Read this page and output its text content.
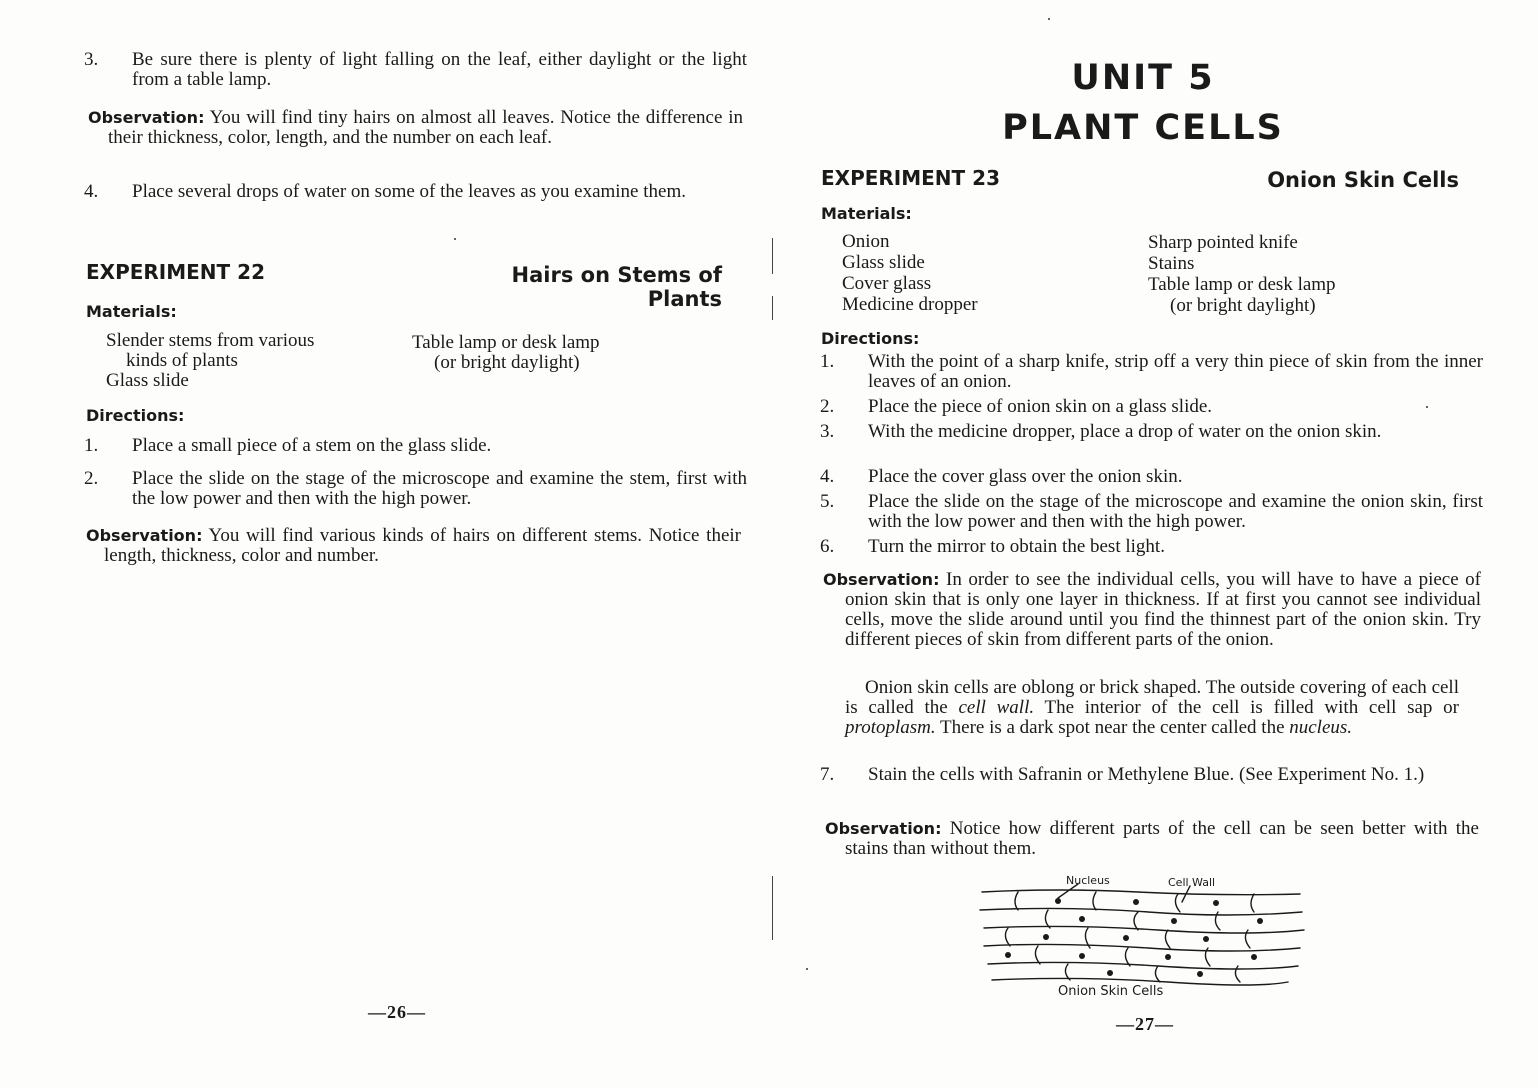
3. Be sure there is plenty of light falling on the leaf, either daylight or the light from a table lamp.
Observation: You will find tiny hairs on almost all leaves. Notice the difference in their thickness, color, length, and the number on each leaf.
4. Place several drops of water on some of the leaves as you examine them.
EXPERIMENT 22	Hairs on Stems of Plants
Materials:
Slender stems from various
kinds of plants
Glass slide
Table lamp or desk lamp
(or bright daylight)
Directions:
1. Place a small piece of a stem on the glass slide.
2. Place the slide on the stage of the microscope and examine the stem, first with the low power and then with the high power.
Observation: You will find various kinds of hairs on different stems. Notice their length, thickness, color and number.
—26—
UNIT 5
PLANT CELLS
EXPERIMENT 23	Onion Skin Cells
Materials:
Onion
Glass slide
Cover glass
Medicine dropper
Sharp pointed knife
Stains
Table lamp or desk lamp
(or bright daylight)
Directions:
1. With the point of a sharp knife, strip off a very thin piece of skin from the inner leaves of an onion.
2. Place the piece of onion skin on a glass slide.
3. With the medicine dropper, place a drop of water on the onion skin.
4. Place the cover glass over the onion skin.
5. Place the slide on the stage of the microscope and examine the onion skin, first with the low power and then with the high power.
6. Turn the mirror to obtain the best light.
Observation: In order to see the individual cells, you will have to have a piece of onion skin that is only one layer in thickness. If at first you cannot see individual cells, move the slide around until you find the thinnest part of the onion skin. Try different pieces of skin from different parts of the onion.
Onion skin cells are oblong or brick shaped. The outside covering of each cell is called the cell wall. The interior of the cell is filled with cell sap or protoplasm. There is a dark spot near the center called the nucleus.
7. Stain the cells with Safranin or Methylene Blue. (See Experiment No. 1.)
Observation: Notice how different parts of the cell can be seen better with the stains than without them.
Nucleus	Cell Wall
Onion Skin Cells
—27—
